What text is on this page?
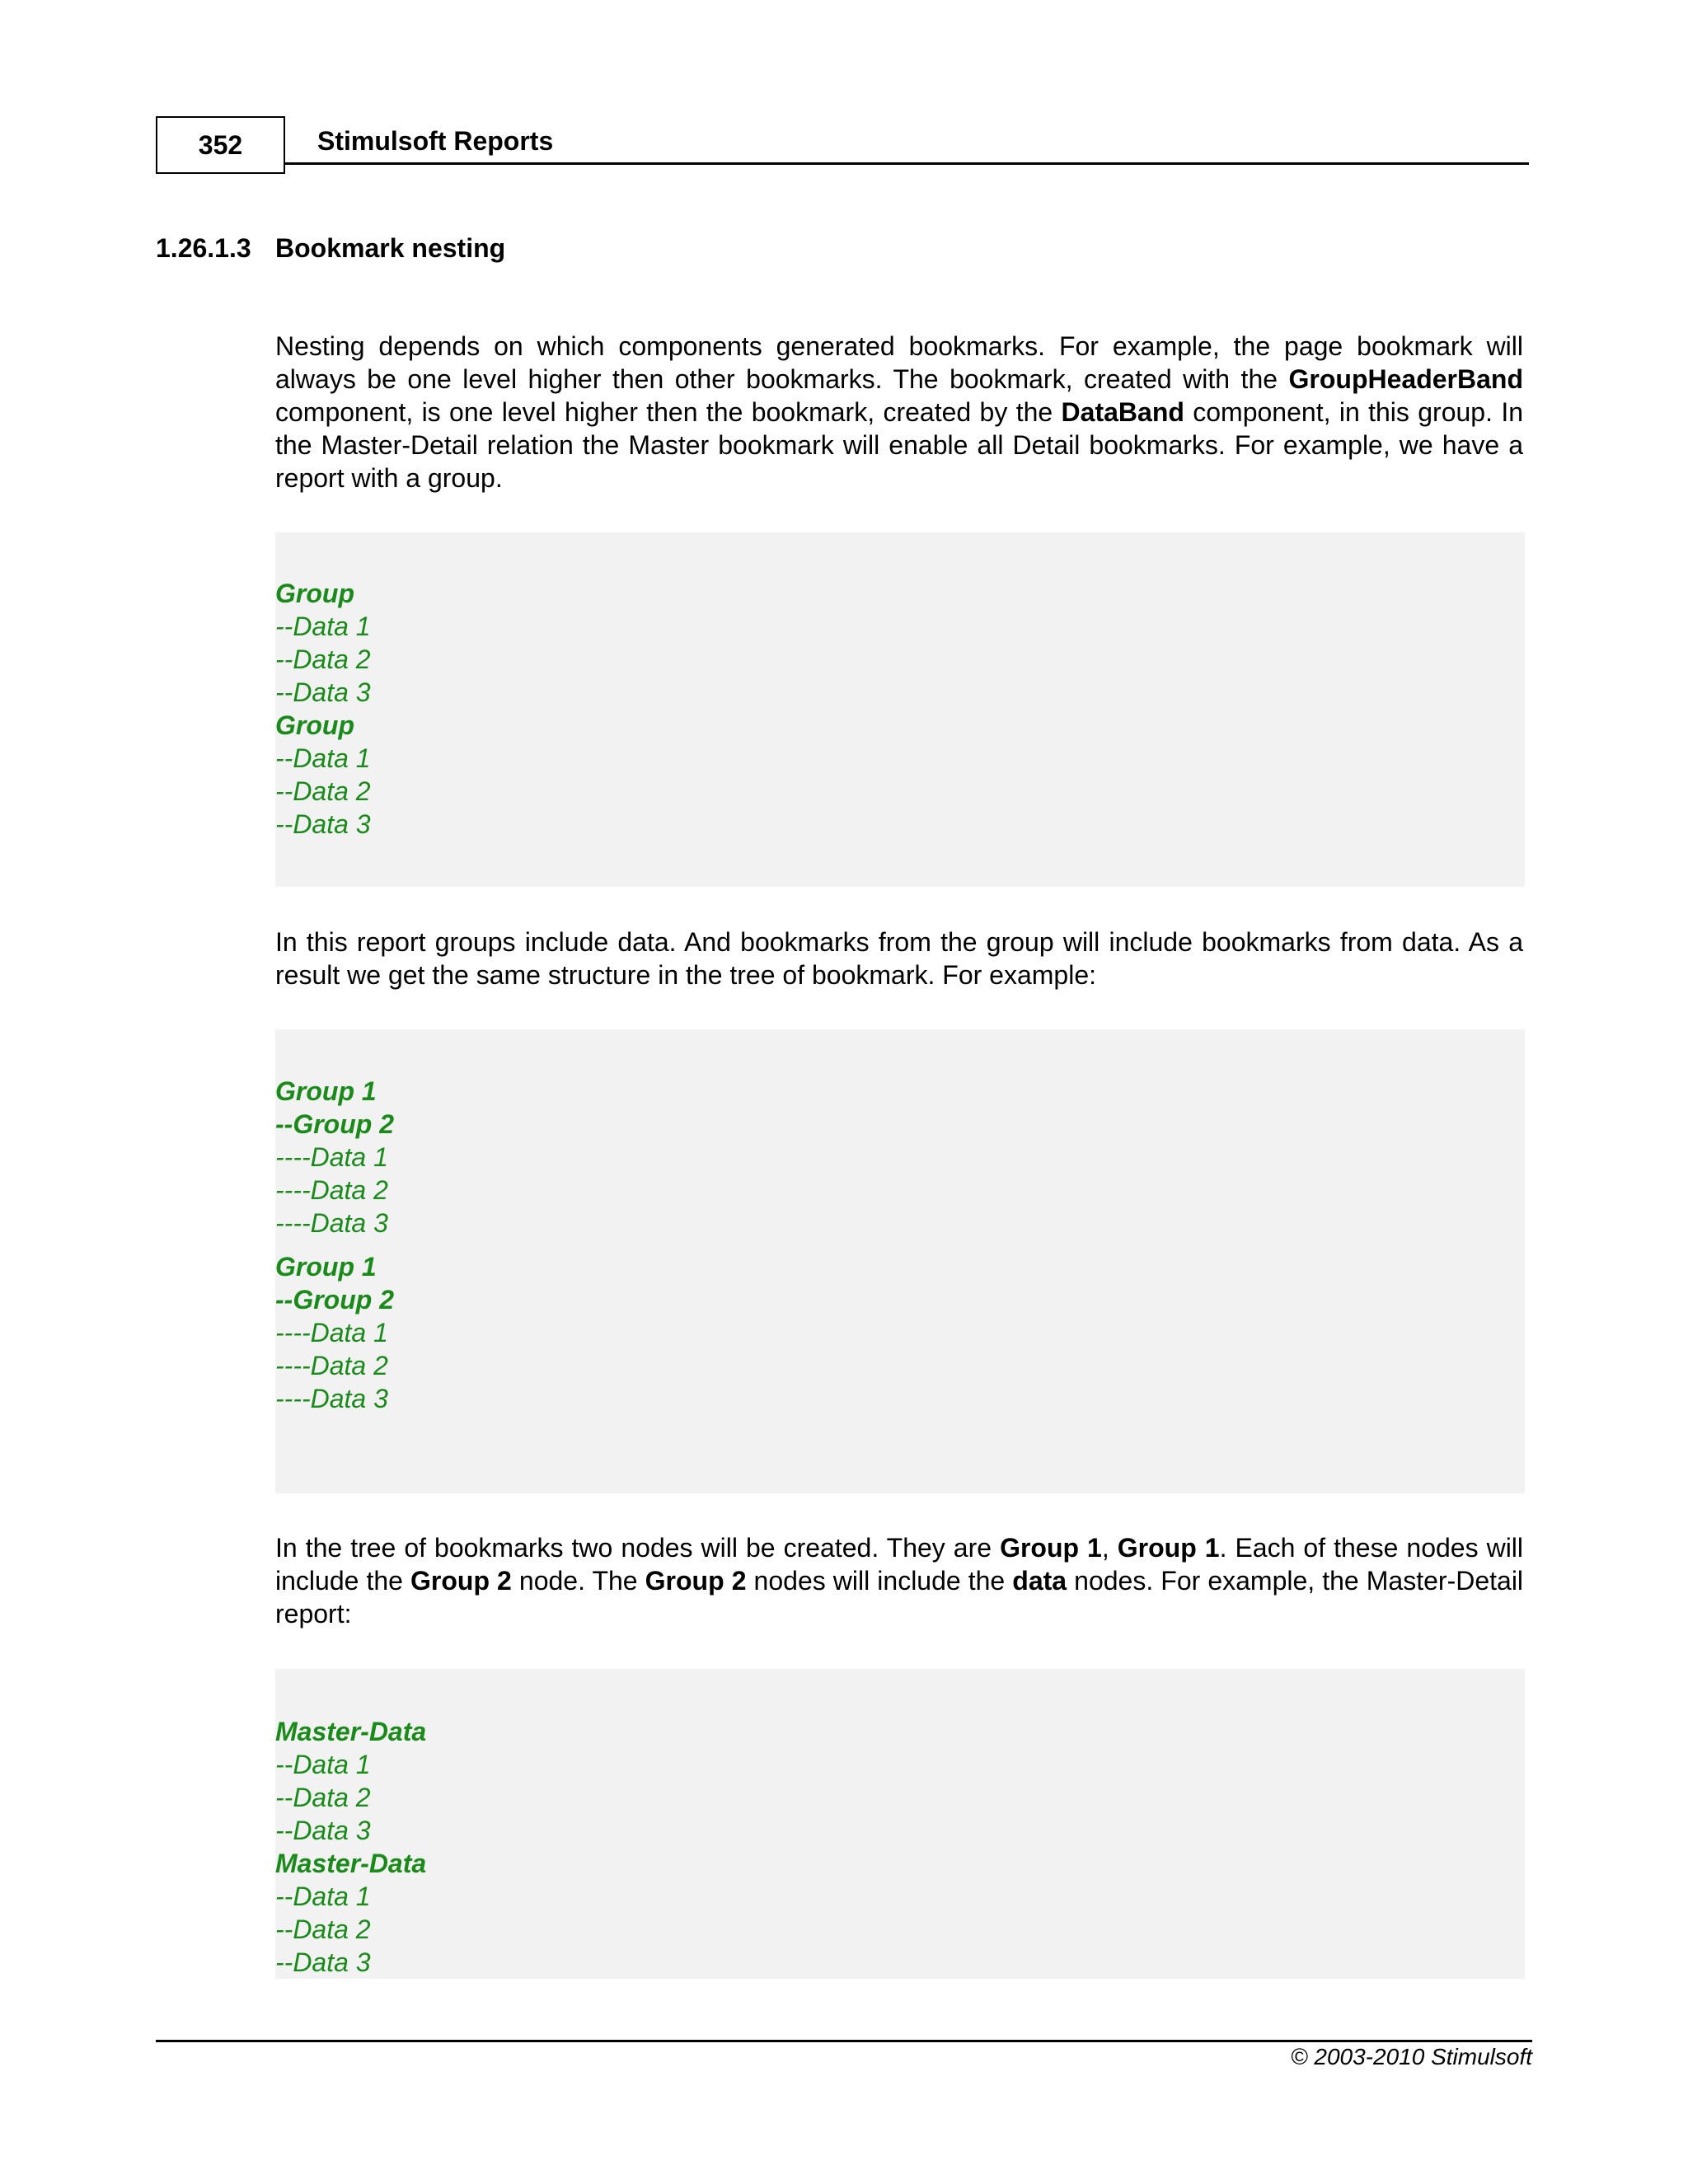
352	Stimulsoft Reports
1.26.1.3 Bookmark nesting

Nesting depends on which components generated bookmarks. For example, the page bookmark will always be one level higher then other bookmarks. The bookmark, created with the GroupHeaderBand component, is one level higher then the bookmark, created by the DataBand component, in this group. In the Master-Detail relation the Master bookmark will enable all Detail bookmarks. For example, we have a report with a group.

Group
--Data 1
--Data 2
--Data 3
Group
--Data 1
--Data 2
--Data 3

In this report groups include data. And bookmarks from the group will include bookmarks from data. As a result we get the same structure in the tree of bookmark. For example:

Group 1
--Group 2
----Data 1
----Data 2
----Data 3
Group 1
--Group 2
----Data 1
----Data 2
----Data 3

In the tree of bookmarks two nodes will be created. They are Group 1, Group 1. Each of these nodes will include the Group 2 node. The Group 2 nodes will include the data nodes. For example, the Master-Detail report:

Master-Data
--Data 1
--Data 2
--Data 3
Master-Data
--Data 1
--Data 2
--Data 3
© 2003-2010 Stimulsoft
